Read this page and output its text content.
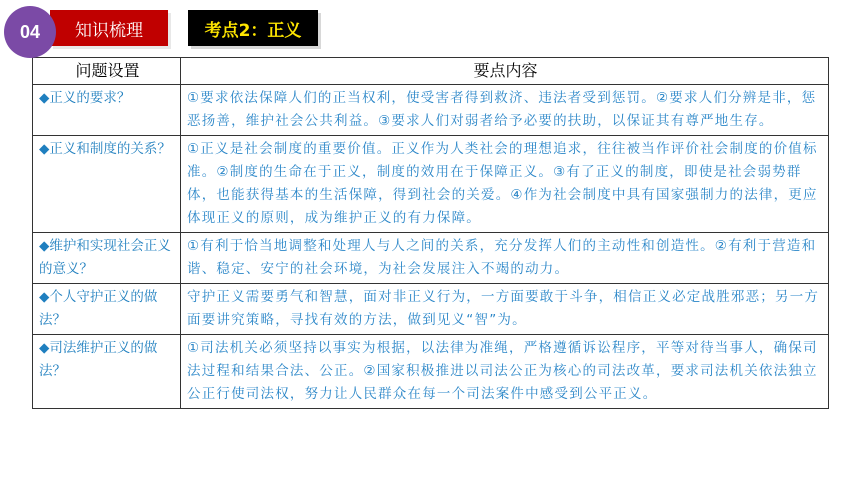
04	知识梳理	考点2：正义
问题设置	要点内容
◆正义的要求？	①要求依法保障人们的正当权利，使受害者得到救济、违法者受到惩罚。②要求人们分辨是非，惩恶扬善，维护社会公共利益。③要求人们对弱者给予必要的扶助，以保证其有尊严地生存。
◆正义和制度的关系？	①正义是社会制度的重要价值。正义作为人类社会的理想追求，往往被当作评价社会制度的价值标准。②制度的生命在于正义，制度的效用在于保障正义。③有了正义的制度，即使是社会弱势群体，也能获得基本的生活保障，得到社会的关爱。④作为社会制度中具有国家强制力的法律，更应体现正义的原则，成为维护正义的有力保障。
◆维护和实现社会正义的意义？	①有利于恰当地调整和处理人与人之间的关系，充分发挥人们的主动性和创造性。②有利于营造和谐、稳定、安宁的社会环境，为社会发展注入不竭的动力。
◆个人守护正义的做法？	守护正义需要勇气和智慧，面对非正义行为，一方面要敢于斗争，相信正义必定战胜邪恶；另一方面要讲究策略，寻找有效的方法，做到见义“智”为。
◆司法维护正义的做法？	①司法机关必须坚持以事实为根据，以法律为准绳，严格遵循诉讼程序，平等对待当事人，确保司法过程和结果合法、公正。②国家积极推进以司法公正为核心的司法改革，要求司法机关依法独立公正行使司法权，努力让人民群众在每一个司法案件中感受到公平正义。
